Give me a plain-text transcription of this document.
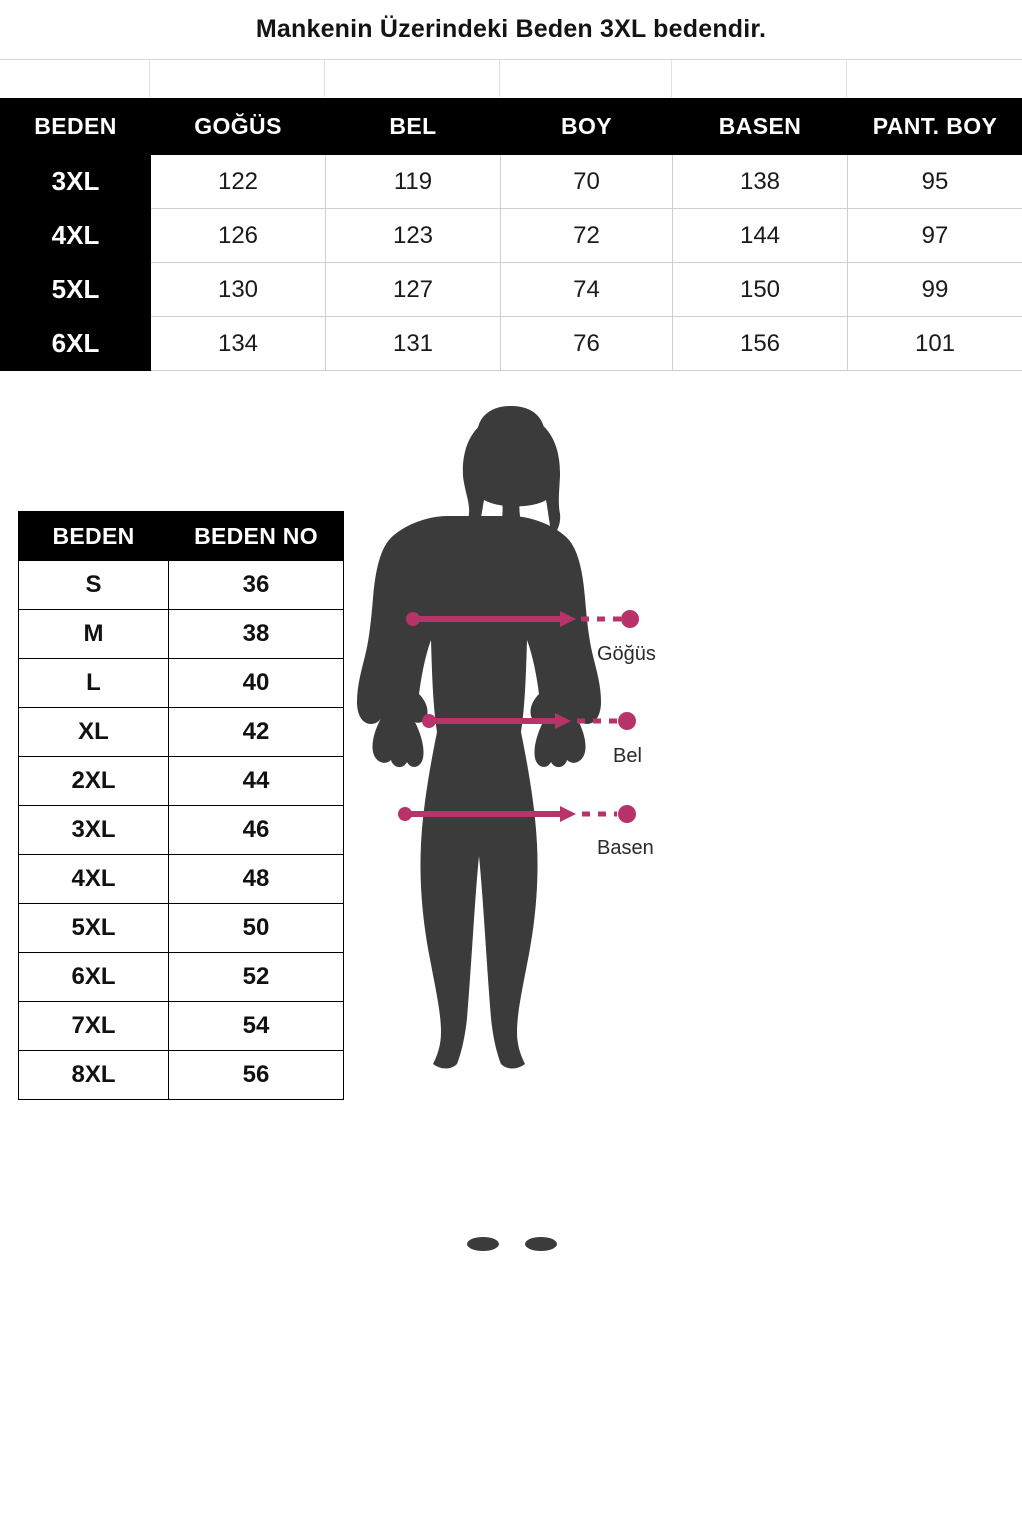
Mankenin Üzerindeki Beden 3XL bedendir.
BEDEN	GOĞÜS	BEL	BOY	BASEN	PANT. BOY
3XL	122	119	70	138	95
4XL	126	123	72	144	97
5XL	130	127	74	150	99
6XL	134	131	76	156	101
BEDEN	BEDEN NO
S	36
M	38
L	40
XL	42
2XL	44
3XL	46
4XL	48
5XL	50
6XL	52
7XL	54
8XL	56
Göğüs
Bel
Basen
